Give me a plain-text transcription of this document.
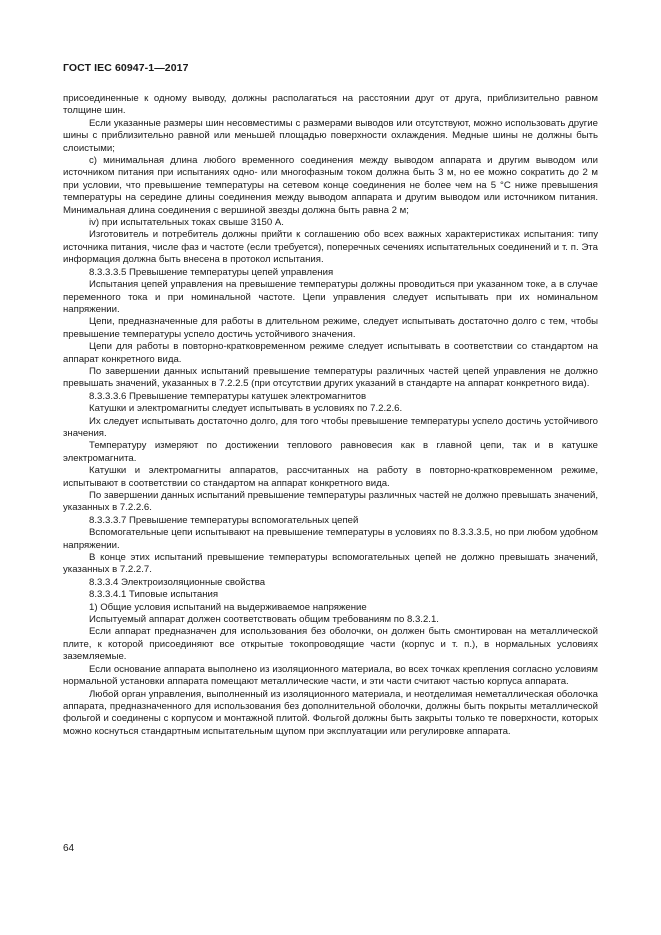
ГОСТ IEC 60947-1—2017

присоединенные к одному выводу, должны располагаться на расстоянии друг от друга, приблизительно равном толщине шин.

Если указанные размеры шин несовместимы с размерами выводов или отсутствуют, можно использовать другие шины с приблизительно равной или меньшей площадью поверхности охлаждения. Медные шины не должны быть слоистыми;

c) минимальная длина любого временного соединения между выводом аппарата и другим выводом или источником питания при испытаниях одно- или многофазным током должна быть 3 м, но ее можно сократить до 2 м при условии, что превышение температуры на сетевом конце соединения не более чем на 5 °C ниже превышения температуры на середине длины соединения между выводом аппарата и другим выводом или источником питания. Минимальная длина соединения с вершиной звезды должна быть равна 2 м;

iv) при испытательных токах свыше 3150 А.

Изготовитель и потребитель должны прийти к соглашению обо всех важных характеристиках испытания: типу источника питания, числе фаз и частоте (если требуется), поперечных сечениях испытательных соединений и т. п. Эта информация должна быть внесена в протокол испытания.

8.3.3.3.5 Превышение температуры цепей управления

Испытания цепей управления на превышение температуры должны проводиться при указанном токе, а в случае переменного тока и при номинальной частоте. Цепи управления следует испытывать при их номинальном напряжении.

Цепи, предназначенные для работы в длительном режиме, следует испытывать достаточно долго с тем, чтобы превышение температуры успело достичь устойчивого значения.

Цепи для работы в повторно-кратковременном режиме следует испытывать в соответствии со стандартом на аппарат конкретного вида.

По завершении данных испытаний превышение температуры различных частей цепей управления не должно превышать значений, указанных в 7.2.2.5 (при отсутствии других указаний в стандарте на аппарат конкретного вида).

8.3.3.3.6 Превышение температуры катушек электромагнитов

Катушки и электромагниты следует испытывать в условиях по 7.2.2.6.

Их следует испытывать достаточно долго, для того чтобы превышение температуры успело достичь устойчивого значения.

Температуру измеряют по достижении теплового равновесия как в главной цепи, так и в катушке электромагнита.

Катушки и электромагниты аппаратов, рассчитанных на работу в повторно-кратковременном режиме, испытывают в соответствии со стандартом на аппарат конкретного вида.

По завершении данных испытаний превышение температуры различных частей не должно превышать значений, указанных в 7.2.2.6.

8.3.3.3.7 Превышение температуры вспомогательных цепей

Вспомогательные цепи испытывают на превышение температуры в условиях по 8.3.3.3.5, но при любом удобном напряжении.

В конце этих испытаний превышение температуры вспомогательных цепей не должно превышать значений, указанных в 7.2.2.7.

8.3.3.4 Электроизоляционные свойства

8.3.3.4.1 Типовые испытания

1) Общие условия испытаний на выдерживаемое напряжение

Испытуемый аппарат должен соответствовать общим требованиям по 8.3.2.1.

Если аппарат предназначен для использования без оболочки, он должен быть смонтирован на металлической плите, к которой присоединяют все открытые токопроводящие части (корпус и т. п.), в нормальных условиях заземляемые.

Если основание аппарата выполнено из изоляционного материала, во всех точках крепления согласно условиям нормальной установки аппарата помещают металлические части, и эти части считают частью корпуса аппарата.

Любой орган управления, выполненный из изоляционного материала, и неотделимая неметаллическая оболочка аппарата, предназначенного для использования без дополнительной оболочки, должны быть покрыты металлической фольгой и соединены с корпусом и монтажной плитой. Фольгой должны быть закрыты только те поверхности, которых можно коснуться стандартным испытательным щупом при эксплуатации или регулировке аппарата.

64
